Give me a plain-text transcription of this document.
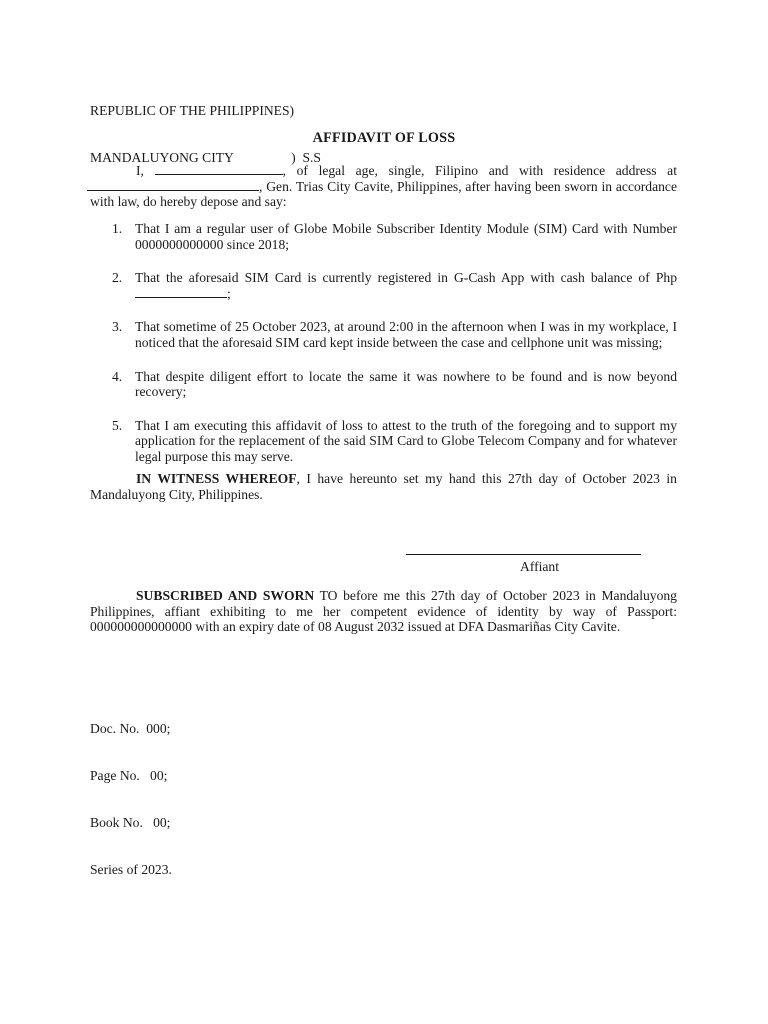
REPUBLIC OF THE PHILIPPINES)

MANDALUYONG CITY                 )  S.S

AFFIDAVIT OF LOSS
I,	, of legal age, single, Filipino and with residence address at , Gen. Trias City Cavite, Philippines, after having been sworn in accordance with law, do hereby depose and say:
1. That I am a regular user of Globe Mobile Subscriber Identity Module (SIM) Card with Number 0000000000000 since 2018;
2. That the aforesaid SIM Card is currently registered in G-Cash App with cash balance of Php ;
3. That sometime of 25 October 2023, at around 2:00 in the afternoon when I was in my workplace, I noticed that the aforesaid SIM card kept inside between the case and cellphone unit was missing;
4. That despite diligent effort to locate the same it was nowhere to be found and is now beyond recovery;
5. That I am executing this affidavit of loss to attest to the truth of the foregoing and to support my application for the replacement of the said SIM Card to Globe Telecom Company and for whatever legal purpose this may serve.
IN WITNESS WHEREOF, I have hereunto set my hand this 27th day of October 2023 in Mandaluyong City, Philippines.
Affiant
SUBSCRIBED AND SWORN TO before me this 27th day of October 2023 in Mandaluyong Philippines, affiant exhibiting to me her competent evidence of identity by way of Passport: 000000000000000 with an expiry date of 08 August 2032 issued at DFA Dasmariñas City Cavite.

Doc. No.  000;

Page No.   00;

Book No.   00;

Series of 2023.
